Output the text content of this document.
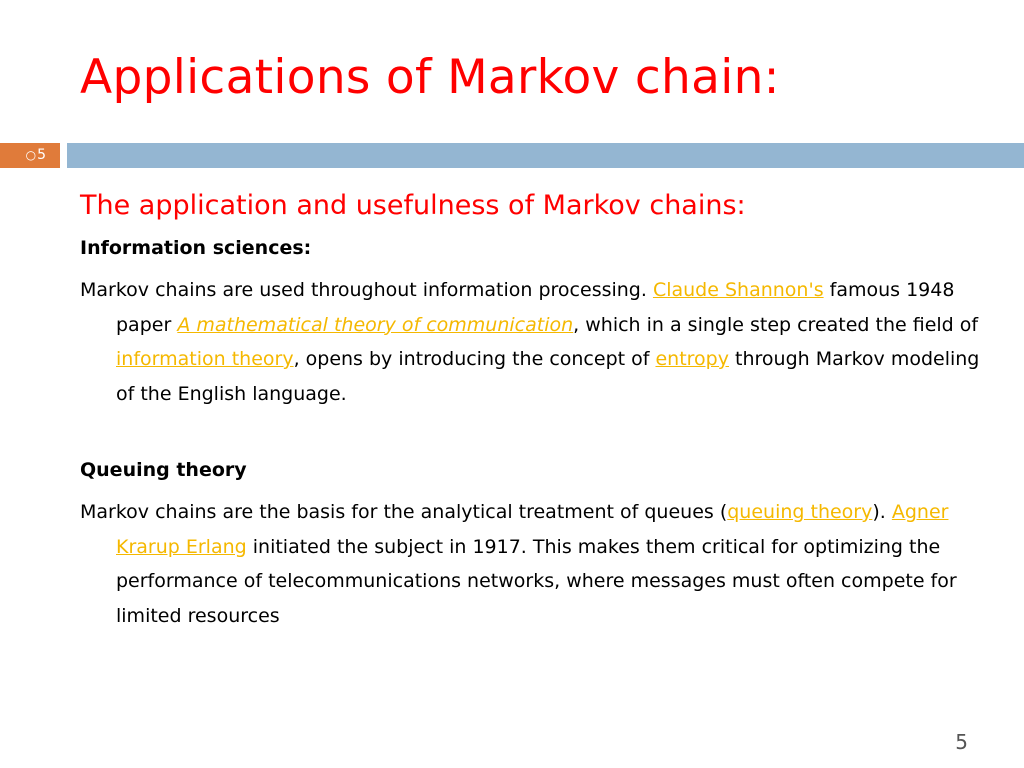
Applications of Markov chain:
○5
The application and usefulness of Markov chains:
Information sciences:

Markov chains are used throughout information processing. Claude Shannon's famous 1948 paper A mathematical theory of communication, which in a single step created the field of information theory, opens by introducing the concept of entropy through Markov modeling of the English language.

Queuing theory

Markov chains are the basis for the analytical treatment of queues (queuing theory). Agner Krarup Erlang initiated the subject in 1917. This makes them critical for optimizing the performance of telecommunications networks, where messages must often compete for limited resources

5
